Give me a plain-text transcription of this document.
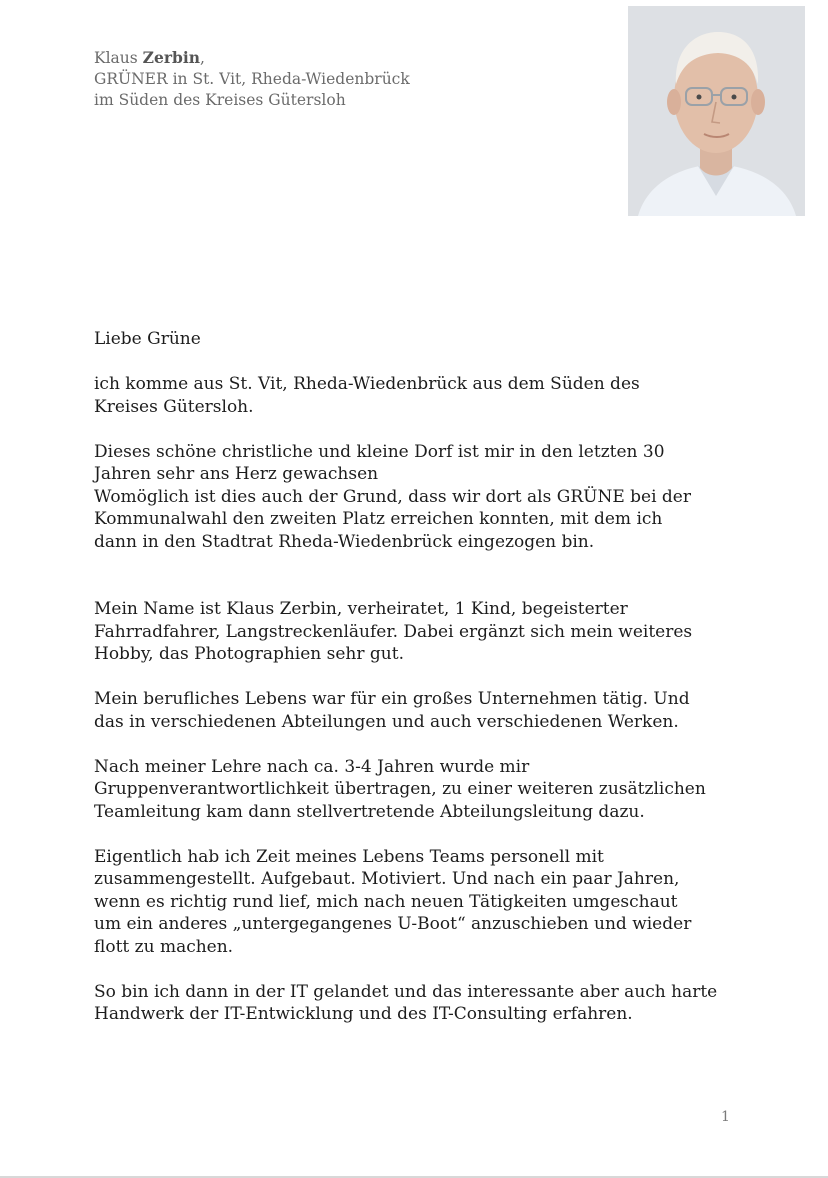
Klaus Zerbin,
GRÜNER in St. Vit, Rheda-Wiedenbrück
im Süden des Kreises Gütersloh

Liebe Grüne

ich komme aus St. Vit, Rheda-Wiedenbrück aus dem Süden des
Kreises Gütersloh.

Dieses schöne christliche und kleine Dorf ist mir in den letzten 30
Jahren sehr ans Herz gewachsen
Womöglich ist dies auch der Grund, dass wir dort als GRÜNE bei der
Kommunalwahl den zweiten Platz erreichen konnten, mit dem ich
dann in den Stadtrat Rheda-Wiedenbrück eingezogen bin.

Mein Name ist Klaus Zerbin, verheiratet, 1 Kind, begeisterter
Fahrradfahrer, Langstreckenläufer. Dabei ergänzt sich mein weiteres
Hobby, das Photographien sehr gut.

Mein berufliches Lebens war für ein großes Unternehmen tätig. Und
das in verschiedenen Abteilungen und auch verschiedenen Werken.

Nach meiner Lehre nach ca. 3-4 Jahren wurde mir
Gruppenverantwortlichkeit übertragen, zu einer weiteren zusätzlichen
Teamleitung kam dann stellvertretende Abteilungsleitung dazu.

Eigentlich hab ich Zeit meines Lebens Teams personell mit
zusammengestellt. Aufgebaut. Motiviert. Und nach ein paar Jahren,
wenn es richtig rund lief, mich nach neuen Tätigkeiten umgeschaut
um ein anderes „untergegangenes U-Boot“ anzuschieben und wieder
flott zu machen.

So bin ich dann in der IT gelandet und das interessante aber auch harte
Handwerk der IT-Entwicklung und des IT-Consulting erfahren.

1
